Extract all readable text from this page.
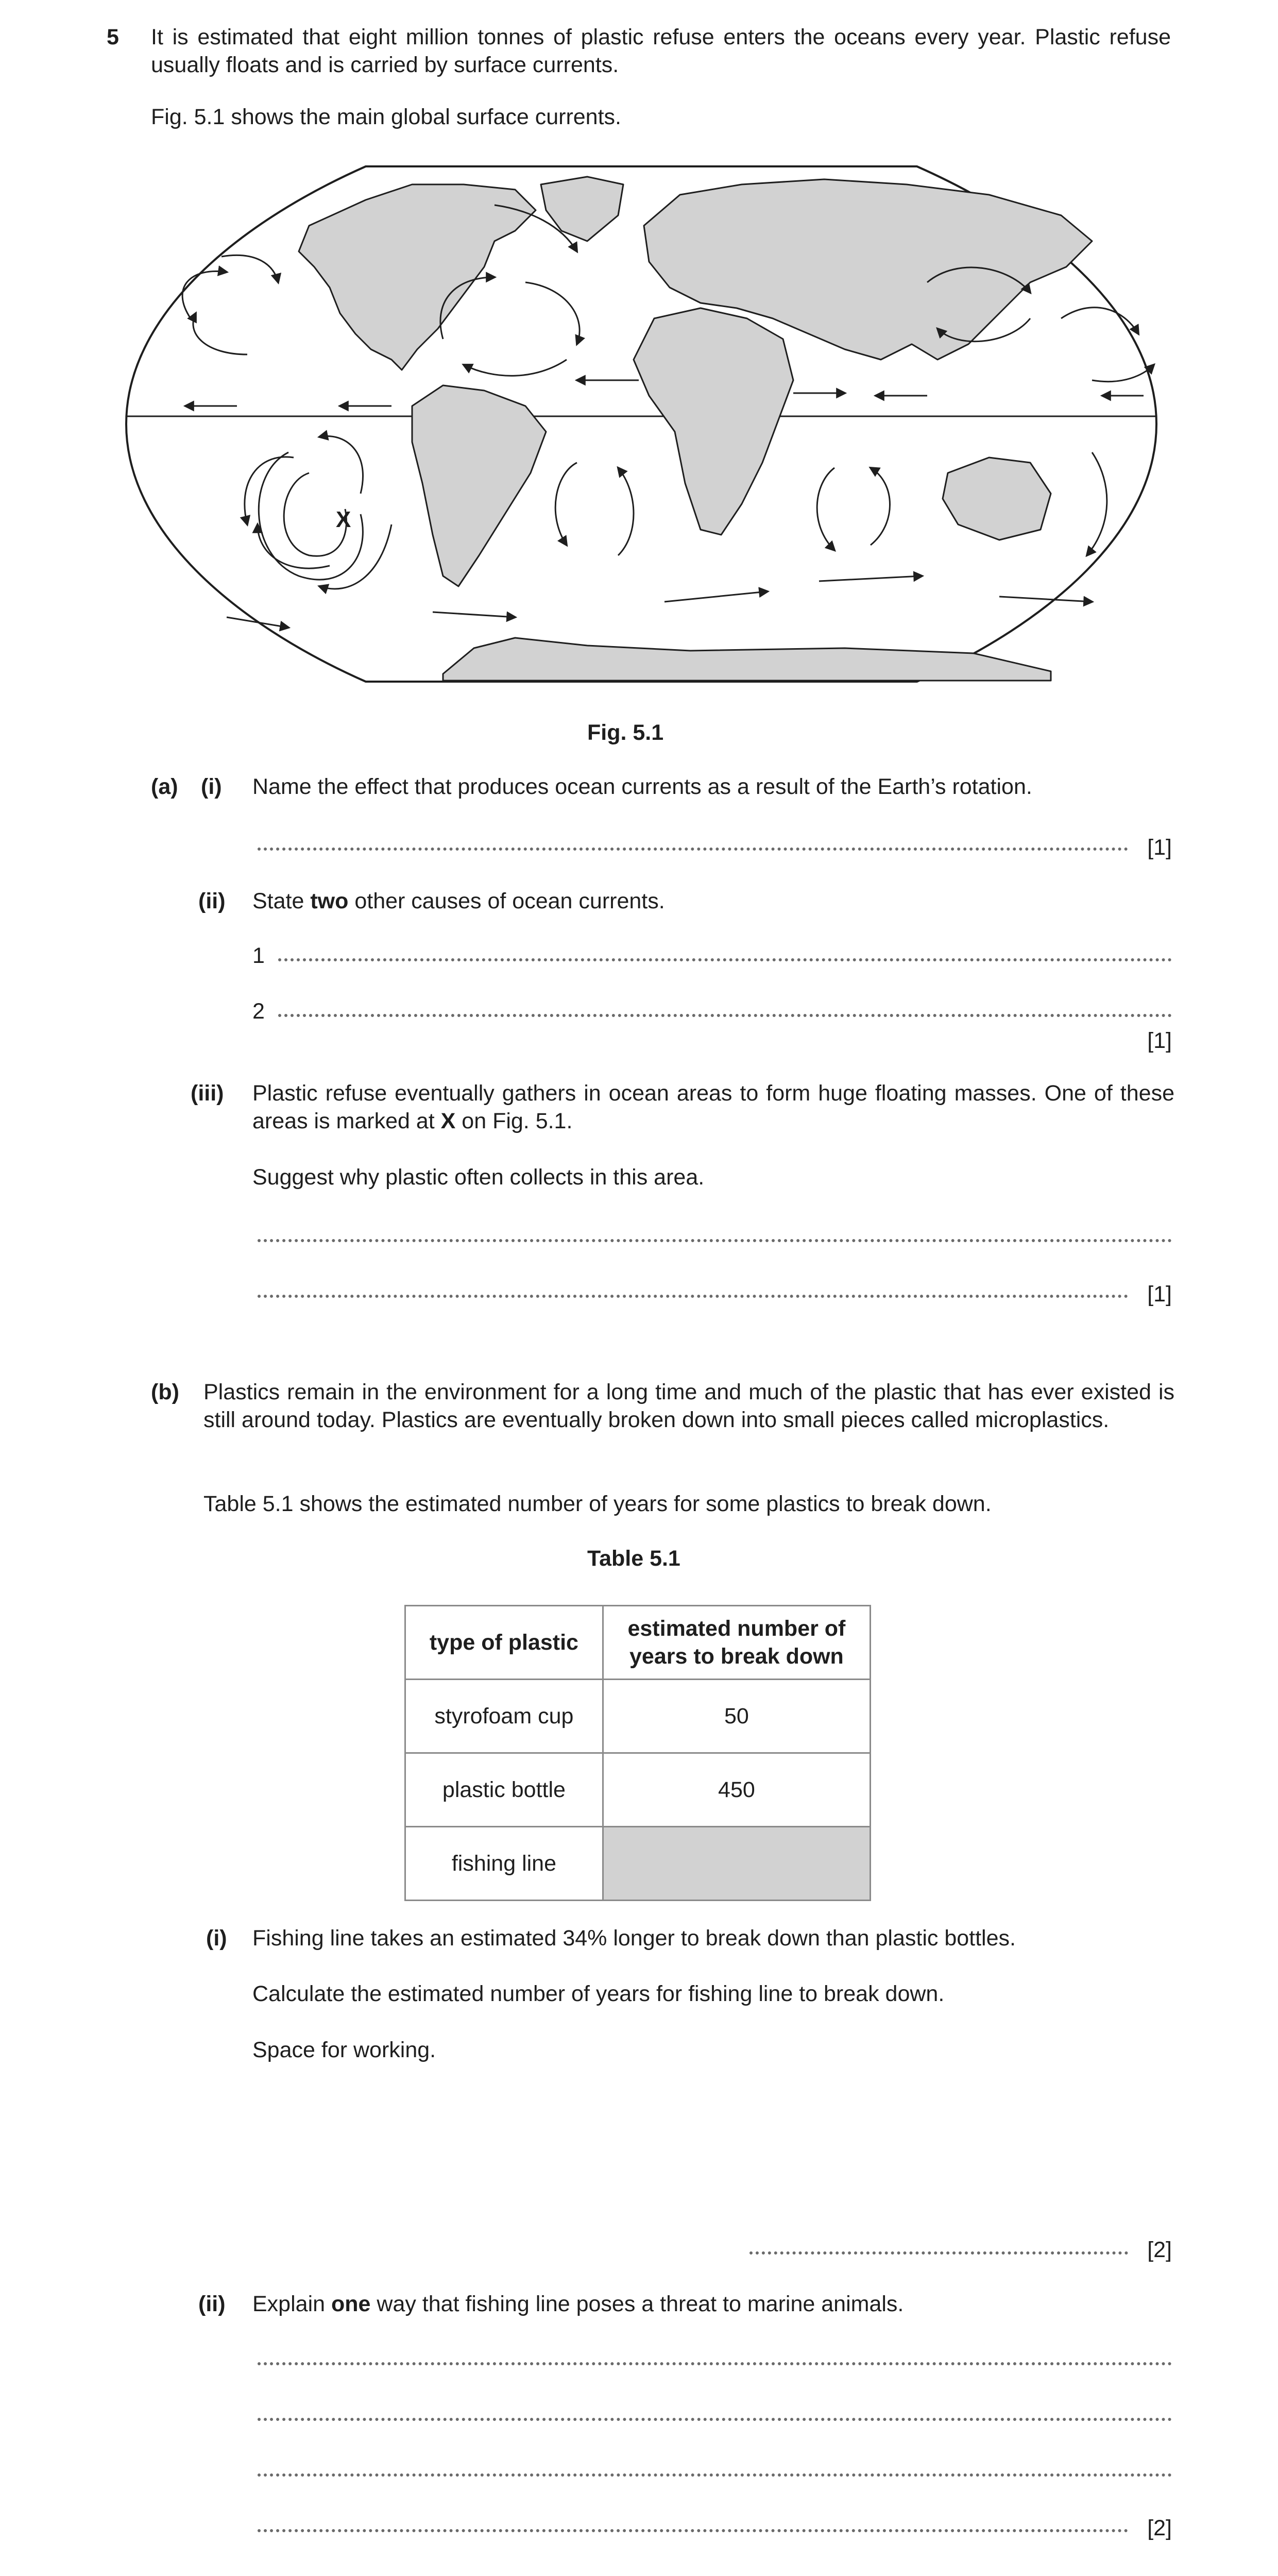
5 It is estimated that eight million tonnes of plastic refuse enters the oceans every year. Plastic refuse usually floats and is carried by surface currents.
Fig. 5.1 shows the main global surface currents.
X
Fig. 5.1
(a) (i) Name the effect that produces ocean currents as a result of the Earth’s rotation.
[1]
(ii) State two other causes of ocean currents.
1
2
[1]
(iii) Plastic refuse eventually gathers in ocean areas to form huge floating masses. One of these areas is marked at X on Fig. 5.1.
Suggest why plastic often collects in this area.
[1]
(b) Plastics remain in the environment for a long time and much of the plastic that has ever existed is still around today. Plastics are eventually broken down into small pieces called microplastics.
Table 5.1 shows the estimated number of years for some plastics to break down.
Table 5.1
type of plastic	estimated number of years to break down
styrofoam cup	50
plastic bottle	450
fishing line	
(i) Fishing line takes an estimated 34% longer to break down than plastic bottles.
Calculate the estimated number of years for fishing line to break down.
Space for working.
[2]
(ii) Explain one way that fishing line poses a threat to marine animals.
[2]
